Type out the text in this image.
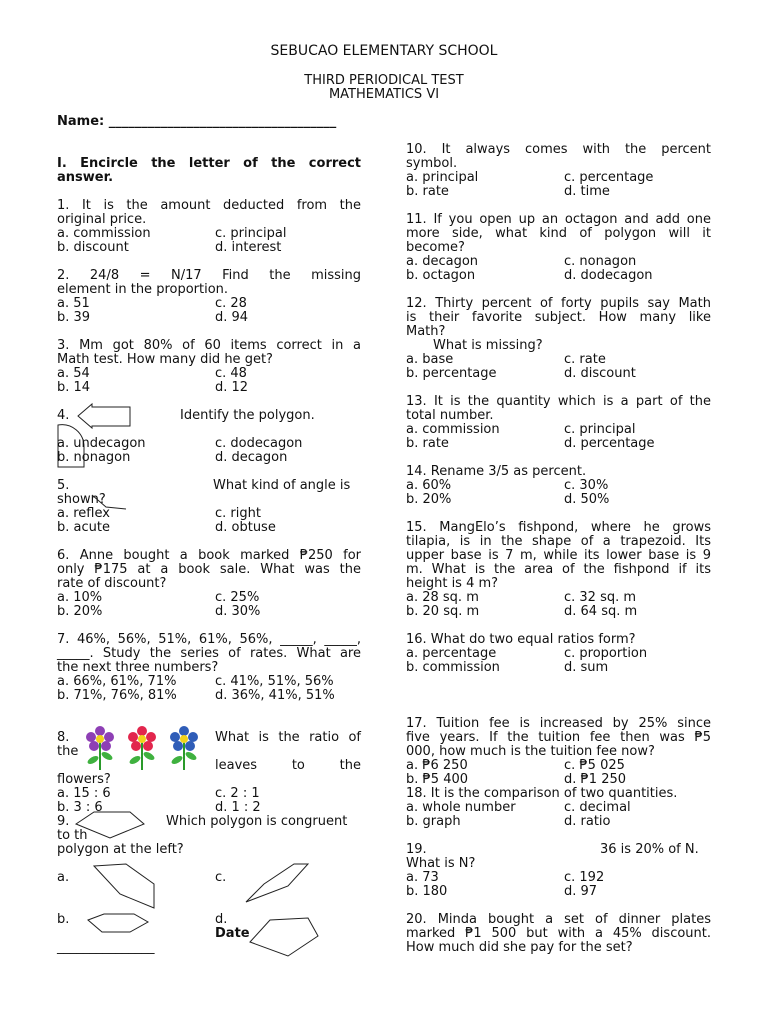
SEBUCAO ELEMENTARY SCHOOL
THIRD PERIODICAL TEST
MATHEMATICS VI
Name: ___________________________________
I. Encircle the letter of the correct
answer.
1. It is the amount deducted from the
original price.
a. commission	c. principal
b. discount	d. interest
2. 24/8 = N/17 Find the missing
element in the proportion.
a. 51	c. 28
b. 39	d. 94
3. Mm got 80% of 60 items correct in a
Math test. How many did he get?
a. 54	c. 48
b. 14	d. 12
4.	Identify the polygon.
a. undecagon	c. dodecagon
b. nonagon	d. decagon
5.	What kind of angle is
shown?
a. reflex	c. right
b. acute	d. obtuse
6. Anne bought a book marked ₱250 for
only ₱175 at a book sale. What was the
rate of discount?
a. 10%	c. 25%
b. 20%	d. 30%
7. 46%, 56%, 51%, 61%, 56%, _____, _____,
_____. Study the series of rates. What are
the next three numbers?
a. 66%, 61%, 71%	c. 41%, 51%, 56%
b. 71%, 76%, 81%	d. 36%, 41%, 51%
8.
the
What is the ratio of
leaves to the
flowers?
a. 15 : 6	c. 2 : 1
b. 3 : 6	d. 1 : 2
9.
to th
Which polygon is congruent
polygon at the left?
a.	c.
b.	d.
Date
_______________
10. It always comes with the percent
symbol.
a. principal	c. percentage
b. rate	d. time
11. If you open up an octagon and add one
more side, what kind of polygon will it
become?
a. decagon	c. nonagon
b. octagon	d. dodecagon
12. Thirty percent of forty pupils say Math
is their favorite subject. How many like
Math?
What is missing?
a. base	c. rate
b. percentage	d. discount
13. It is the quantity which is a part of the
total number.
a. commission	c. principal
b. rate	d. percentage
14. Rename 3/5 as percent.
a. 60%	c. 30%
b. 20%	d. 50%
15. MangElo’s fishpond, where he grows
tilapia, is in the shape of a trapezoid. Its
upper base is 7 m, while its lower base is 9
m. What is the area of the fishpond if its
height is 4 m?
a. 28 sq. m	c. 32 sq. m
b. 20 sq. m	d. 64 sq. m
16. What do two equal ratios form?
a. percentage	c. proportion
b. commission	d. sum
17. Tuition fee is increased by 25% since
five years. If the tuition fee then was ₱5
000, how much is the tuition fee now?
a. ₱6 250	c. ₱5 025
b. ₱5 400	d. ₱1 250
18. It is the comparison of two quantities.
a. whole number	c. decimal
b. graph	d. ratio
19.	36 is 20% of N.
What is N?
a. 73	c. 192
b. 180	d. 97
20. Minda bought a set of dinner plates
marked ₱1 500 but with a 45% discount.
How much did she pay for the set?
